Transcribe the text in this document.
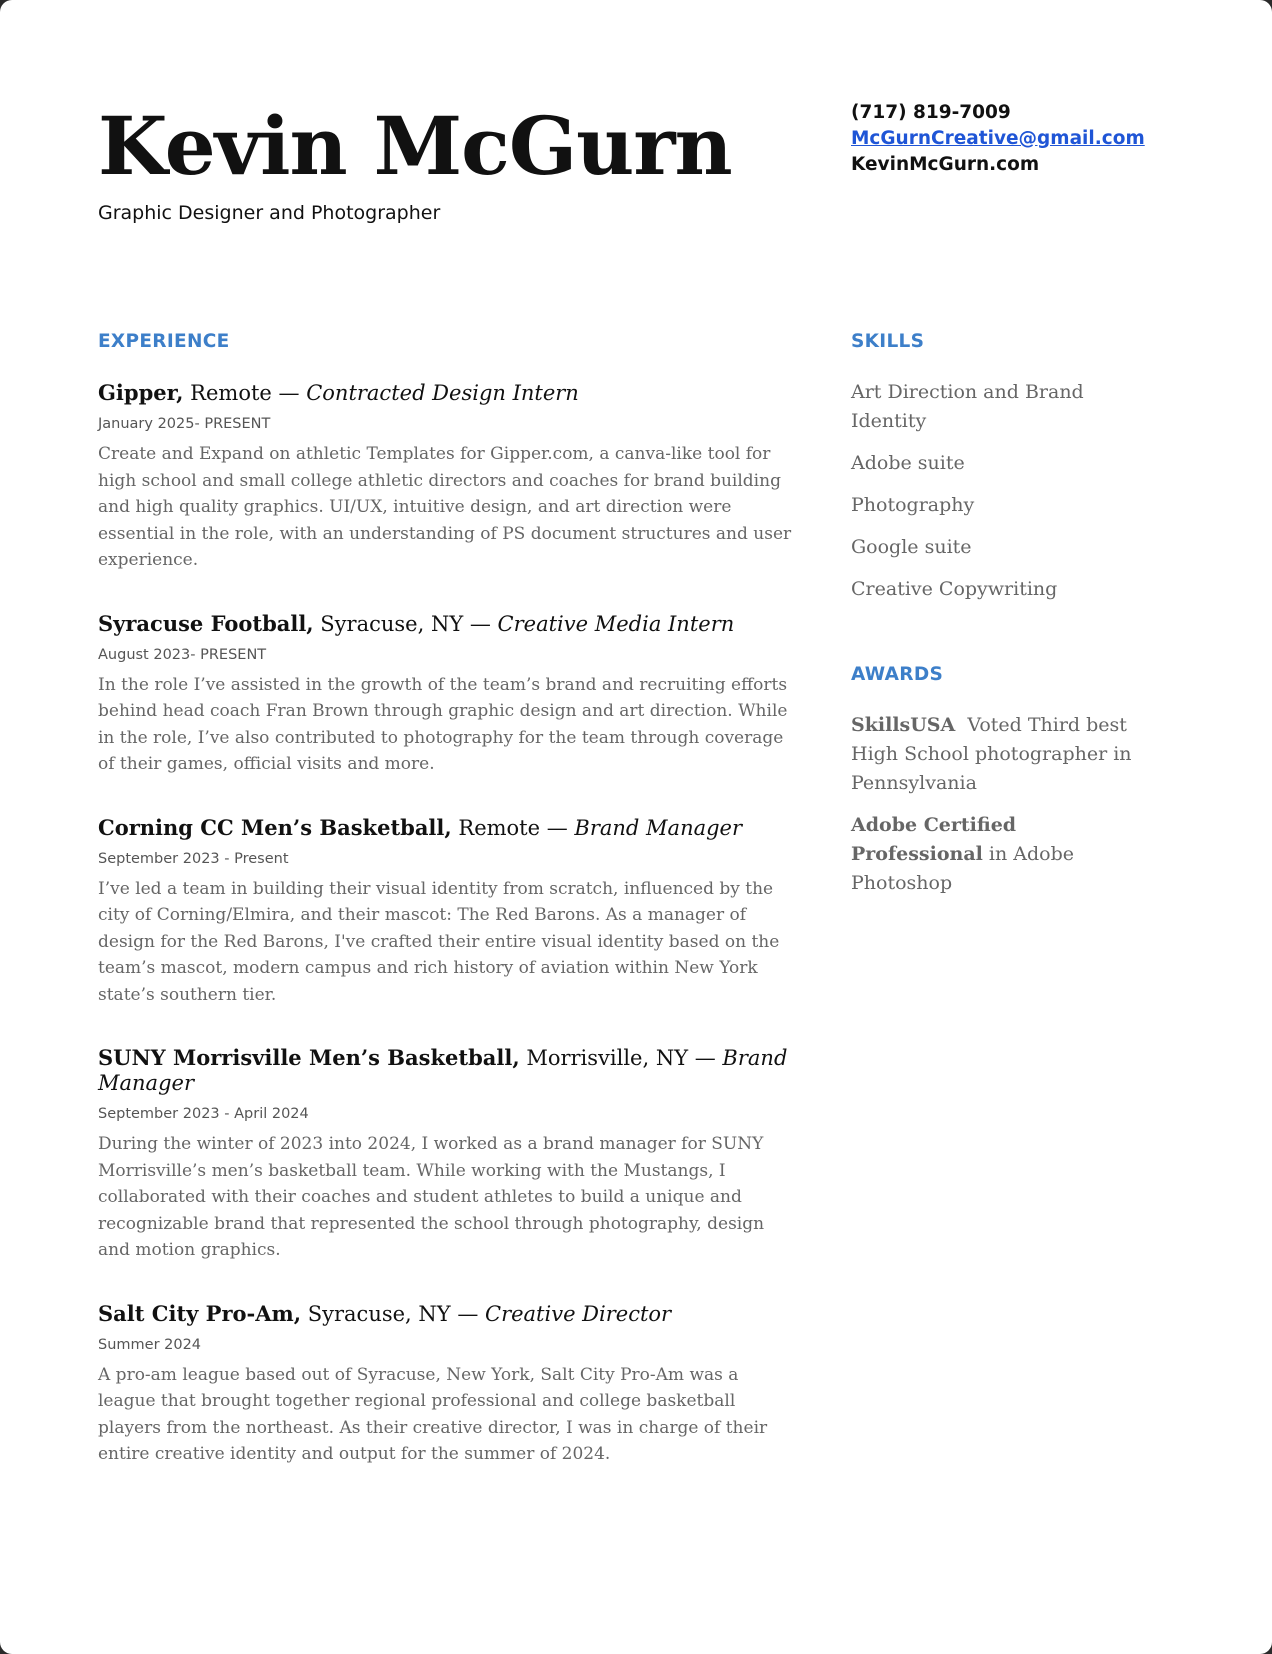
Kevin McGurn
Graphic Designer and Photographer
(717) 819-7009
McGurnCreative@gmail.com
KevinMcGurn.com
EXPERIENCE

Gipper, Remote — Contracted Design Intern

January 2025- PRESENT
Create and Expand on athletic Templates for Gipper.com, a canva-like tool for high school and small college athletic directors and coaches for brand building and high quality graphics. UI/UX, intuitive design, and art direction were essential in the role, with an understanding of PS document structures and user experience.

Syracuse Football, Syracuse, NY — Creative Media Intern

August 2023- PRESENT
In the role I’ve assisted in the growth of the team’s brand and recruiting efforts behind head coach Fran Brown through graphic design and art direction. While in the role, I’ve also contributed to photography for the team through coverage of their games, official visits and more.

Corning CC Men’s Basketball, Remote — Brand Manager

September 2023 - Present
I’ve led a team in building their visual identity from scratch, influenced by the city of Corning/Elmira, and their mascot: The Red Barons. As a manager of design for the Red Barons, I've crafted their entire visual identity based on the team’s mascot, modern campus and rich history of aviation within New York state’s southern tier.

SUNY Morrisville Men’s Basketball, Morrisville, NY — Brand Manager

September 2023 - April 2024
During the winter of 2023 into 2024, I worked as a brand manager for SUNY Morrisville’s men’s basketball team. While working with the Mustangs, I collaborated with their coaches and student athletes to build a unique and recognizable brand that represented the school through photography, design and motion graphics.

Salt City Pro-Am, Syracuse, NY — Creative Director

Summer 2024
A pro-am league based out of Syracuse, New York, Salt City Pro-Am was a league that brought together regional professional and college basketball players from the northeast. As their creative director, I was in charge of their entire creative identity and output for the summer of 2024.
SKILLS
Art Direction and Brand Identity
Adobe suite
Photography
Google suite
Creative Copywriting
AWARDS
SkillsUSA  Voted Third best High School photographer in Pennsylvania
Adobe Certified Professional in Adobe Photoshop
